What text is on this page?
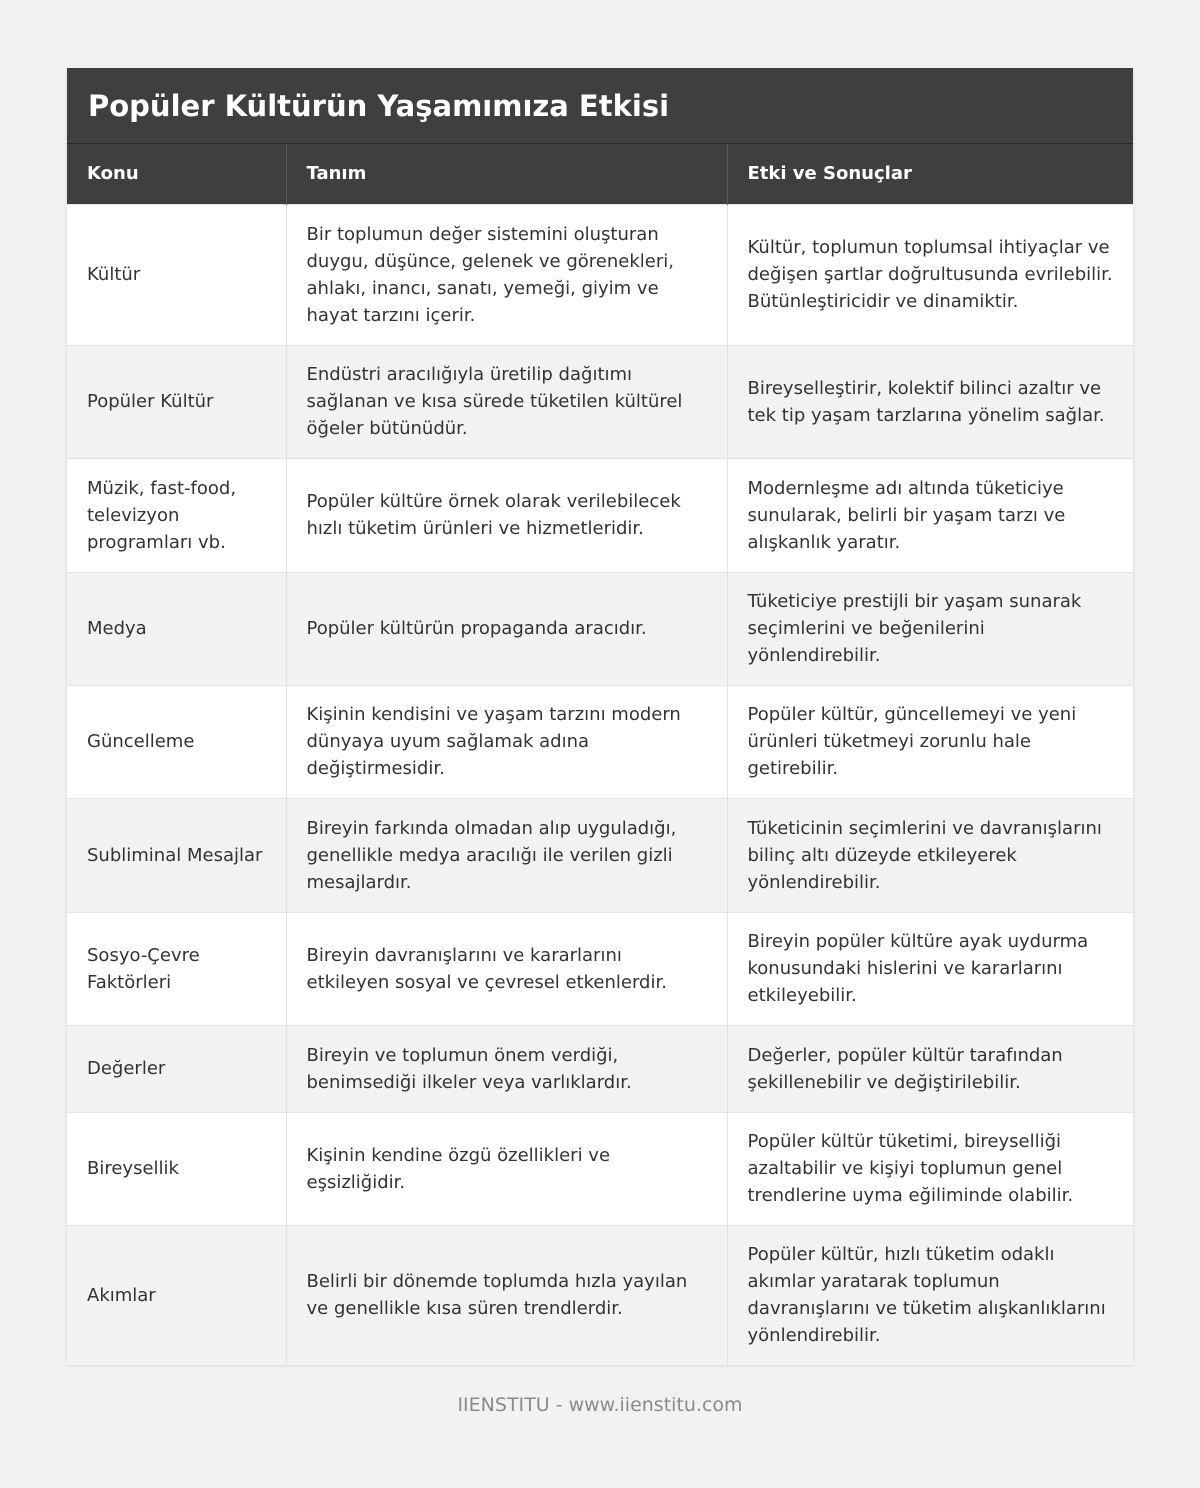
Popüler Kültürün Yaşamımıza Etkisi
Konu	Tanım	Etki ve Sonuçlar
Kültür	Bir toplumun değer sistemini oluşturan duygu, düşünce, gelenek ve görenekleri, ahlakı, inancı, sanatı, yemeği, giyim ve hayat tarzını içerir.	Kültür, toplumun toplumsal ihtiyaçlar ve değişen şartlar doğrultusunda evrilebilir. Bütünleştiricidir ve dinamiktir.
Popüler Kültür	Endüstri aracılığıyla üretilip dağıtımı sağlanan ve kısa sürede tüketilen kültürel öğeler bütünüdür.	Bireyselleştirir, kolektif bilinci azaltır ve tek tip yaşam tarzlarına yönelim sağlar.
Müzik, fast-food, televizyon programları vb.	Popüler kültüre örnek olarak verilebilecek hızlı tüketim ürünleri ve hizmetleridir.	Modernleşme adı altında tüketiciye sunularak, belirli bir yaşam tarzı ve alışkanlık yaratır.
Medya	Popüler kültürün propaganda aracıdır.	Tüketiciye prestijli bir yaşam sunarak seçimlerini ve beğenilerini yönlendirebilir.
Güncelleme	Kişinin kendisini ve yaşam tarzını modern dünyaya uyum sağlamak adına değiştirmesidir.	Popüler kültür, güncellemeyi ve yeni ürünleri tüketmeyi zorunlu hale getirebilir.
Subliminal Mesajlar	Bireyin farkında olmadan alıp uyguladığı, genellikle medya aracılığı ile verilen gizli mesajlardır.	Tüketicinin seçimlerini ve davranışlarını bilinç altı düzeyde etkileyerek yönlendirebilir.
Sosyo-Çevre Faktörleri	Bireyin davranışlarını ve kararlarını etkileyen sosyal ve çevresel etkenlerdir.	Bireyin popüler kültüre ayak uydurma konusundaki hislerini ve kararlarını etkileyebilir.
Değerler	Bireyin ve toplumun önem verdiği, benimsediği ilkeler veya varlıklardır.	Değerler, popüler kültür tarafından şekillenebilir ve değiştirilebilir.
Bireysellik	Kişinin kendine özgü özellikleri ve eşsizliğidir.	Popüler kültür tüketimi, bireyselliği azaltabilir ve kişiyi toplumun genel trendlerine uyma eğiliminde olabilir.
Akımlar	Belirli bir dönemde toplumda hızla yayılan ve genellikle kısa süren trendlerdir.	Popüler kültür, hızlı tüketim odaklı akımlar yaratarak toplumun davranışlarını ve tüketim alışkanlıklarını yönlendirebilir.
IIENSTITU - www.iienstitu.com
